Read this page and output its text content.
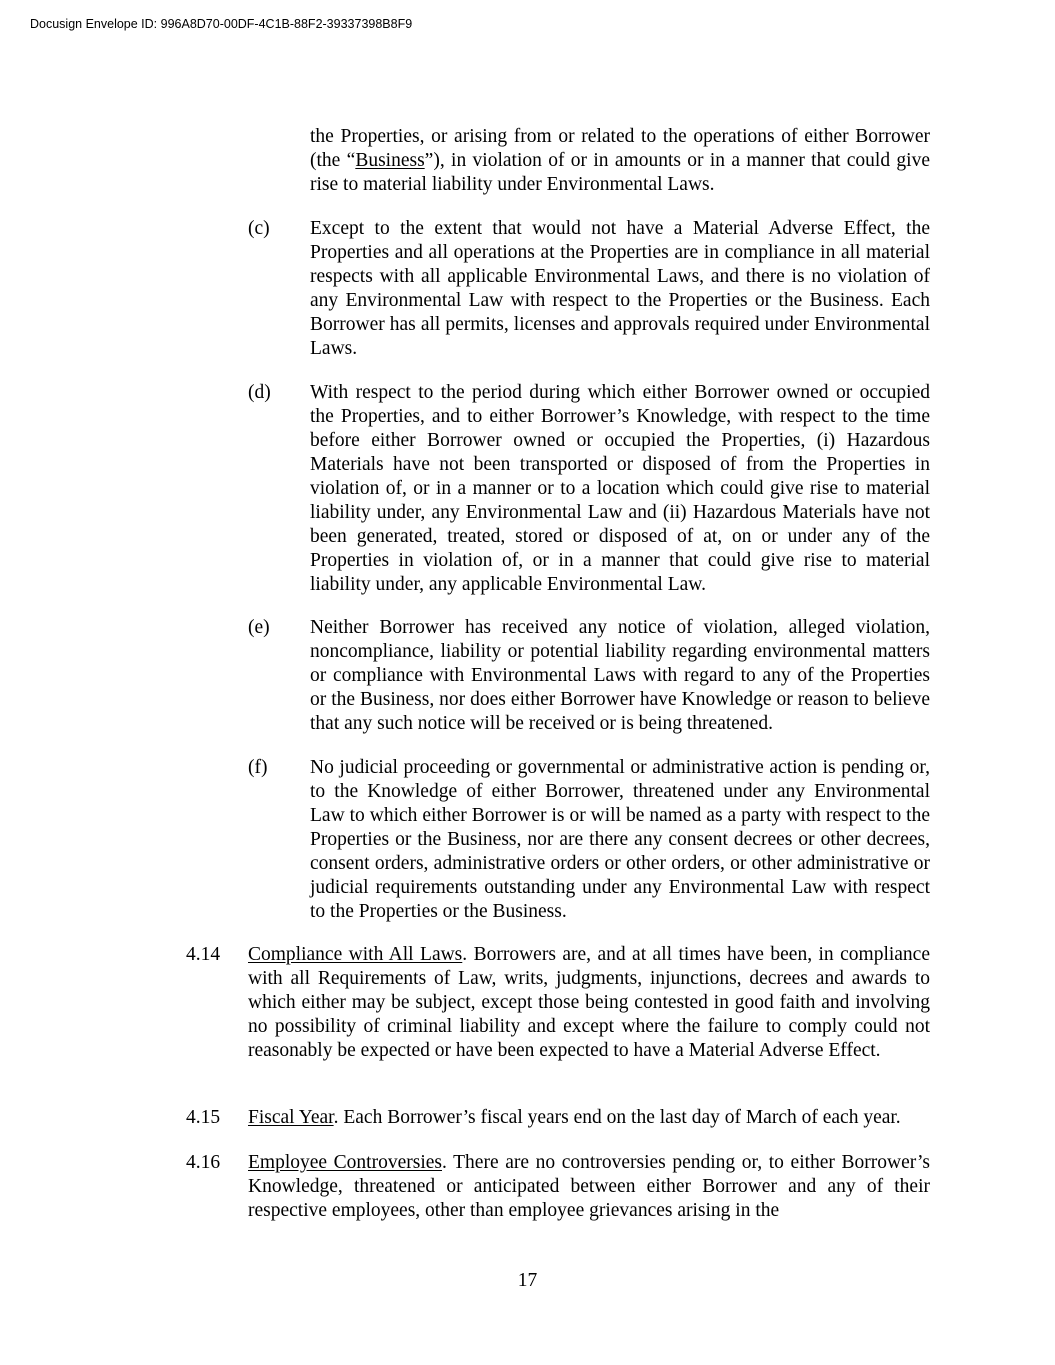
Docusign Envelope ID: 996A8D70-00DF-4C1B-88F2-39337398B8F9

the Properties, or arising from or related to the operations of either Borrower (the “Business”), in violation of or in amounts or in a manner that could give rise to material liability under Environmental Laws.

(c) Except to the extent that would not have a Material Adverse Effect, the Properties and all operations at the Properties are in compliance in all material respects with all applicable Environmental Laws, and there is no violation of any Environmental Law with respect to the Properties or the Business. Each Borrower has all permits, licenses and approvals required under Environmental Laws.

(d) With respect to the period during which either Borrower owned or occupied the Properties, and to either Borrower’s Knowledge, with respect to the time before either Borrower owned or occupied the Properties, (i) Hazardous Materials have not been transported or disposed of from the Properties in violation of, or in a manner or to a location which could give rise to material liability under, any Environmental Law and (ii) Hazardous Materials have not been generated, treated, stored or disposed of at, on or under any of the Properties in violation of, or in a manner that could give rise to material liability under, any applicable Environmental Law.

(e) Neither Borrower has received any notice of violation, alleged violation, noncompliance, liability or potential liability regarding environmental matters or compliance with Environmental Laws with regard to any of the Properties or the Business, nor does either Borrower have Knowledge or reason to believe that any such notice will be received or is being threatened.

(f) No judicial proceeding or governmental or administrative action is pending or, to the Knowledge of either Borrower, threatened under any Environmental Law to which either Borrower is or will be named as a party with respect to the Properties or the Business, nor are there any consent decrees or other decrees, consent orders, administrative orders or other orders, or other administrative or judicial requirements outstanding under any Environmental Law with respect to the Properties or the Business.

4.14 Compliance with All Laws. Borrowers are, and at all times have been, in compliance with all Requirements of Law, writs, judgments, injunctions, decrees and awards to which either may be subject, except those being contested in good faith and involving no possibility of criminal liability and except where the failure to comply could not reasonably be expected or have been expected to have a Material Adverse Effect.

4.15 Fiscal Year. Each Borrower’s fiscal years end on the last day of March of each year.

4.16 Employee Controversies. There are no controversies pending or, to either Borrower’s Knowledge, threatened or anticipated between either Borrower and any of their respective employees, other than employee grievances arising in the

17
